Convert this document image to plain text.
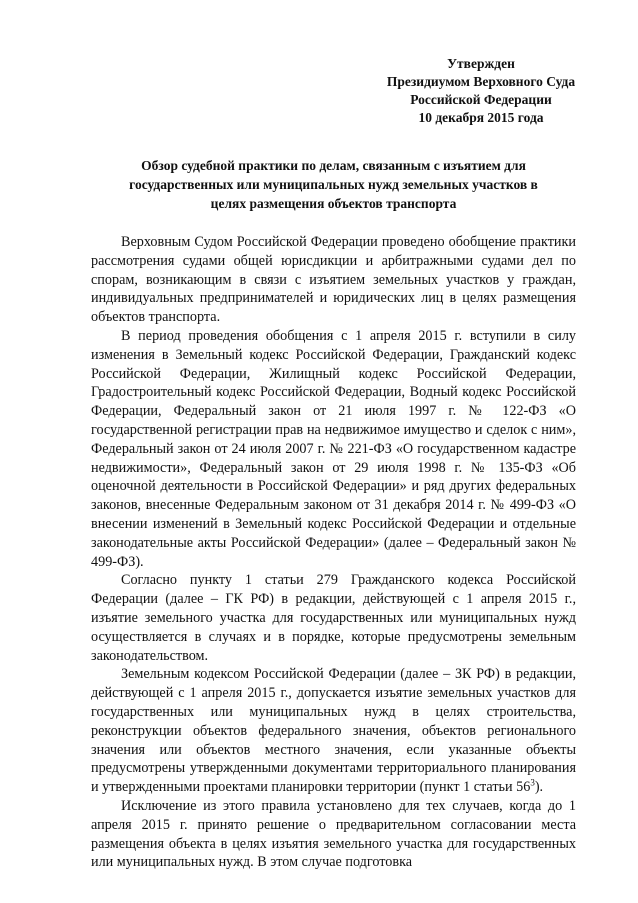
Утвержден
Президиумом Верховного Суда
Российской Федерации
10 декабря 2015 года
Обзор судебной практики по делам, связанным с изъятием для
государственных или муниципальных нужд земельных участков в
целях размещения объектов транспорта

Верховным Судом Российской Федерации проведено обобщение практики рассмотрения судами общей юрисдикции и арбитражными судами дел по спорам, возникающим в связи с изъятием земельных участков у граждан, индивидуальных предпринимателей и юридических лиц в целях размещения объектов транспорта.

В период проведения обобщения с 1 апреля 2015 г. вступили в силу изменения в Земельный кодекс Российской Федерации, Гражданский кодекс Российской Федерации, Жилищный кодекс Российской Федерации, Градостроительный кодекс Российской Федерации, Водный кодекс Российской Федерации, Федеральный закон от 21 июля 1997 г. № 122-ФЗ «О государственной регистрации прав на недвижимое имущество и сделок с ним», Федеральный закон от 24 июля 2007 г. № 221-ФЗ «О государственном кадастре недвижимости», Федеральный закон от 29 июля 1998 г. № 135-ФЗ «Об оценочной деятельности в Российской Федерации» и ряд других федеральных законов, внесенные Федеральным законом от 31 декабря 2014 г. № 499-ФЗ «О внесении изменений в Земельный кодекс Российской Федерации и отдельные законодательные акты Российской Федерации» (далее – Федеральный закон № 499-ФЗ).

Согласно пункту 1 статьи 279 Гражданского кодекса Российской Федерации (далее – ГК РФ) в редакции, действующей с 1 апреля 2015 г., изъятие земельного участка для государственных или муниципальных нужд осуществляется в случаях и в порядке, которые предусмотрены земельным законодательством.

Земельным кодексом Российской Федерации (далее – ЗК РФ) в редакции, действующей с 1 апреля 2015 г., допускается изъятие земельных участков для государственных или муниципальных нужд в целях строительства, реконструкции объектов федерального значения, объектов регионального значения или объектов местного значения, если указанные объекты предусмотрены утвержденными документами территориального планирования и утвержденными проектами планировки территории (пункт 1 статьи $56^3$).

Исключение из этого правила установлено для тех случаев, когда до 1 апреля 2015 г. принято решение о предварительном согласовании места размещения объекта в целях изъятия земельного участка для государственных или муниципальных нужд. В этом случае подготовка
